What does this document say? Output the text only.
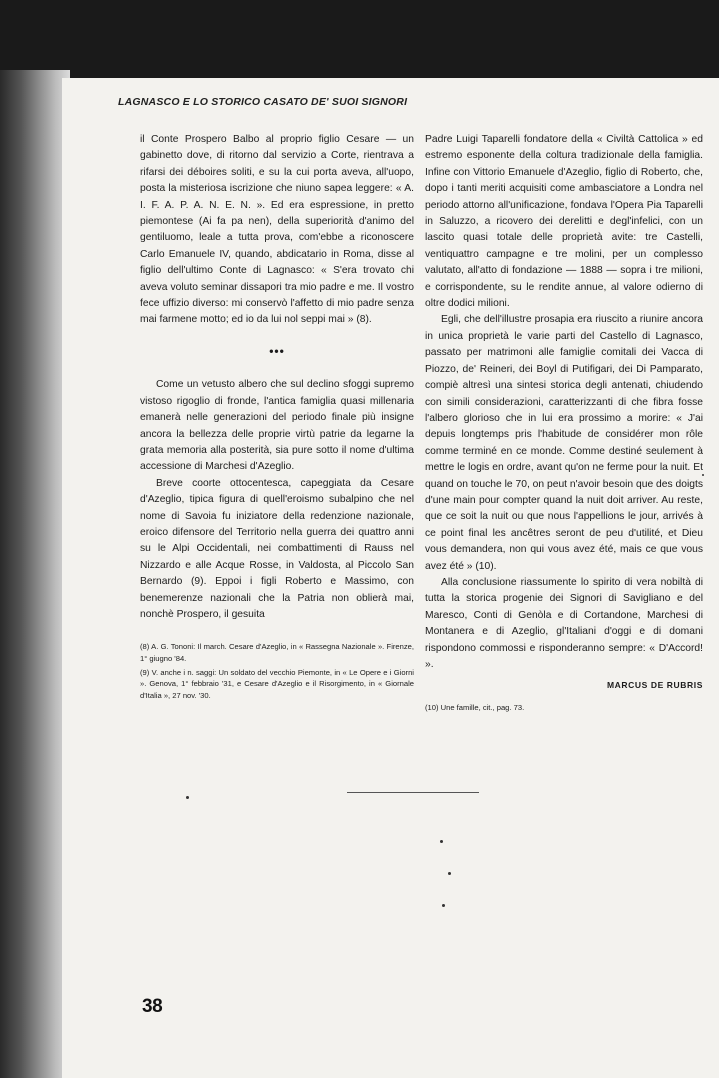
LAGNASCO E LO STORICO CASATO DE' SUOI SIGNORI

il Conte Prospero Balbo al proprio figlio Cesare — un gabinetto dove, di ritorno dal servizio a Corte, rientrava a rifarsi dei déboires soliti, e su la cui porta aveva, all'uopo, posta la misteriosa iscrizione che niuno sapea leggere: « A. I. F. A. P. A. N. E. N. ». Ed era espressione, in pretto piemontese (Ai fa pa nen), della superiorità d'animo del gentiluomo, leale a tutta prova, com'ebbe a riconoscere Carlo Emanuele IV, quando, abdicatario in Roma, disse al figlio dell'ultimo Conte di Lagnasco: « S'era trovato chi aveva voluto seminar dissapori tra mio padre e me. Il vostro fece uffizio diverso: mi conservò l'affetto di mio padre senza mai farmene motto; ed io da lui nol seppi mai » (8).

•••

Come un vetusto albero che sul declino sfoggi supremo vistoso rigoglio di fronde, l'antica famiglia quasi millenaria emanerà nelle generazioni del periodo finale più insigne ancora la bellezza delle proprie virtù patrie da legarne la grata memoria alla posterità, sia pure sotto il nome d'ultima accessione di Marchesi d'Azeglio.

Breve coorte ottocentesca, capeggiata da Cesare d'Azeglio, tipica figura di quell'eroismo subalpino che nel nome di Savoia fu iniziatore della redenzione nazionale, eroico difensore del Territorio nella guerra dei quattro anni su le Alpi Occidentali, nei combattimenti di Rauss nel Nizzardo e alle Acque Rosse, in Valdosta, al Piccolo San Bernardo (9). Eppoi i figli Roberto e Massimo, con benemerenze nazionali che la Patria non oblierà mai, nonchè Prospero, il gesuita

(8) A. G. Tononi: Il march. Cesare d'Azeglio, in « Rassegna Nazionale ». Firenze, 1° giugno '84.

(9) V. anche i n. saggi: Un soldato del vecchio Piemonte, in « Le Opere e i Giorni ». Genova, 1° febbraio '31, e Cesare d'Azeglio e il Risorgimento, in « Giornale d'Italia », 27 nov. '30.

Padre Luigi Taparelli fondatore della « Civiltà Cattolica » ed estremo esponente della coltura tradizionale della famiglia. Infine con Vittorio Emanuele d'Azeglio, figlio di Roberto, che, dopo i tanti meriti acquisiti come ambasciatore a Londra nel periodo attorno all'unificazione, fondava l'Opera Pia Taparelli in Saluzzo, a ricovero dei derelitti e degl'infelici, con un lascito quasi totale delle proprietà avite: tre Castelli, ventiquattro campagne e tre molini, per un complesso valutato, all'atto di fondazione — 1888 — sopra i tre milioni, e corrispondente, su le rendite annue, al valore odierno di oltre dodici milioni.

Egli, che dell'illustre prosapia era riuscito a riunire ancora in unica proprietà le varie parti del Castello di Lagnasco, passato per matrimoni alle famiglie comitali dei Vacca di Piozzo, de' Reineri, dei Boyl di Putifigari, dei Di Pamparato, compiè altresì una sintesi storica degli antenati, chiudendo con simili considerazioni, caratterizzanti di che fibra fosse l'albero glorioso che in lui era prossimo a morire: « J'ai depuis longtemps pris l'habitude de considérer mon rôle comme terminé en ce monde. Comme destiné seulement à mettre le logis en ordre, avant qu'on ne ferme pour la nuit. Et quand on touche le 70, on peut n'avoir besoin que des doigts d'une main pour compter quand la nuit doit arriver. Au reste, que ce soit la nuit ou que nous l'appellions le jour, arrivés à ce point final les ancêtres seront de peu d'utilité, et Dieu vous demandera, non qui vous avez été, mais ce que vous avez été » (10).

Alla conclusione riassumente lo spirito di vera nobiltà di tutta la storica progenie dei Signori di Savigliano e del Maresco, Conti di Genòla e di Cortandone, Marchesi di Montanera e di Azeglio, gl'Italiani d'oggi e di domani rispondono commossi e risponderanno sempre: « D'Accord! ».

MARCUS DE RUBRIS

(10) Une famille, cit., pag. 73.

38
